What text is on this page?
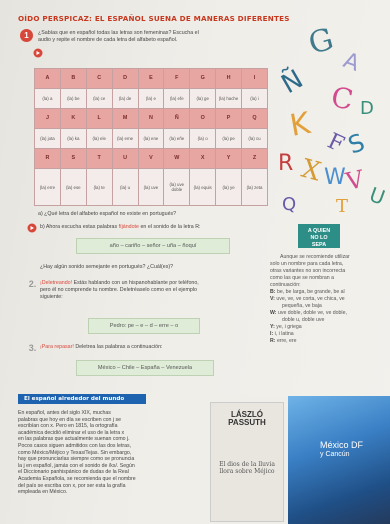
G
A
Ñ C D
K F
S
R X W
V
U
Q T
OÍDO PERSPICAZ: EL ESPAÑOL SUENA DE MANERAS DIFERENTES
1	¿Sabías que en español todas las letras son femeninas? Escucha el
audio y repite el nombre de cada letra del alfabeto español.
A	B	C	D	E	F	G	H	I
(la) a	(la) be	(la) ce	(la) de	(la) e	(la) efe	(la) ge	(la) hache	(la) i
J	K	L	M	N	Ñ	O	P	Q
(la) jota	(la) ka	(la) ele	(la) eme	(la) ene	(la) eñe	(la) o	(la) pe	(la) cu
R	S	T	U	V	W	X	Y	Z
(la) erre	(la) ese	(la) te	(la) u	(la) uve	(la) uve doble	(la) equis	(la) ye	(la) zeta
a) ¿Qué letra del alfabeto español no existe en portugués?
b) Ahora escucha estas palabras fíjándote en el sonido de la letra R:
año – cariño – señor – uña – ñoquí
¿Hay algún sonido semejante en portugués? ¿Cuál(es)?
2. ¡Deletreando! Estás hablando con un hispanohablante por teléfono,
pero él no comprende tu nombre. Deletréaselo como en el ejemplo
siguiente:
Pedro: pe – e – d – erre – o
3. ¡Para repasar! Deletrea las palabras a continuación:
México – Chile – España – Venezuela
A QUIEN
NO LO
SEPA
Aunque se recomiende utilizar
solo un nombre para cada letra,
otras variantes no son incorrecta
como las que se nombran a
continuación:
B: be, be larga, be grande, be al
V: uve, ve, ve corta, ve chica, ve
pequeña, ve baja
W: uve doble, doble ve, ve doble,
doble u, doble uve
Y: ye, i griega
I: i, i latina
R: erre, ere
El español alrededor del mundo
En español, antes del siglo XIX, muchas
palabras que hoy en día se escriben con j se
escribían con x. Pero en 1815, la ortografía
académica decidió eliminar el uso de la letra x
en las palabras que actualmente suenan como j.
Pocos casos siguen admitidos con las dos letras,
como México/Méjico y Texas/Tejas. Sin embargo,
hay que pronunciarlas siempre como se pronuncia
la j en español, jamás con el sonido de /ks/. Según
el Diccionario panhispánico de dudas de la Real
Academia Española, se recomienda que el nombre
del país se escriba con x, por ser esta la grafía
empleada en México.
LÁSZLÓ
PASSUTH
El dios de la lluvia llora sobre Méjico
México DF
y Cancún
